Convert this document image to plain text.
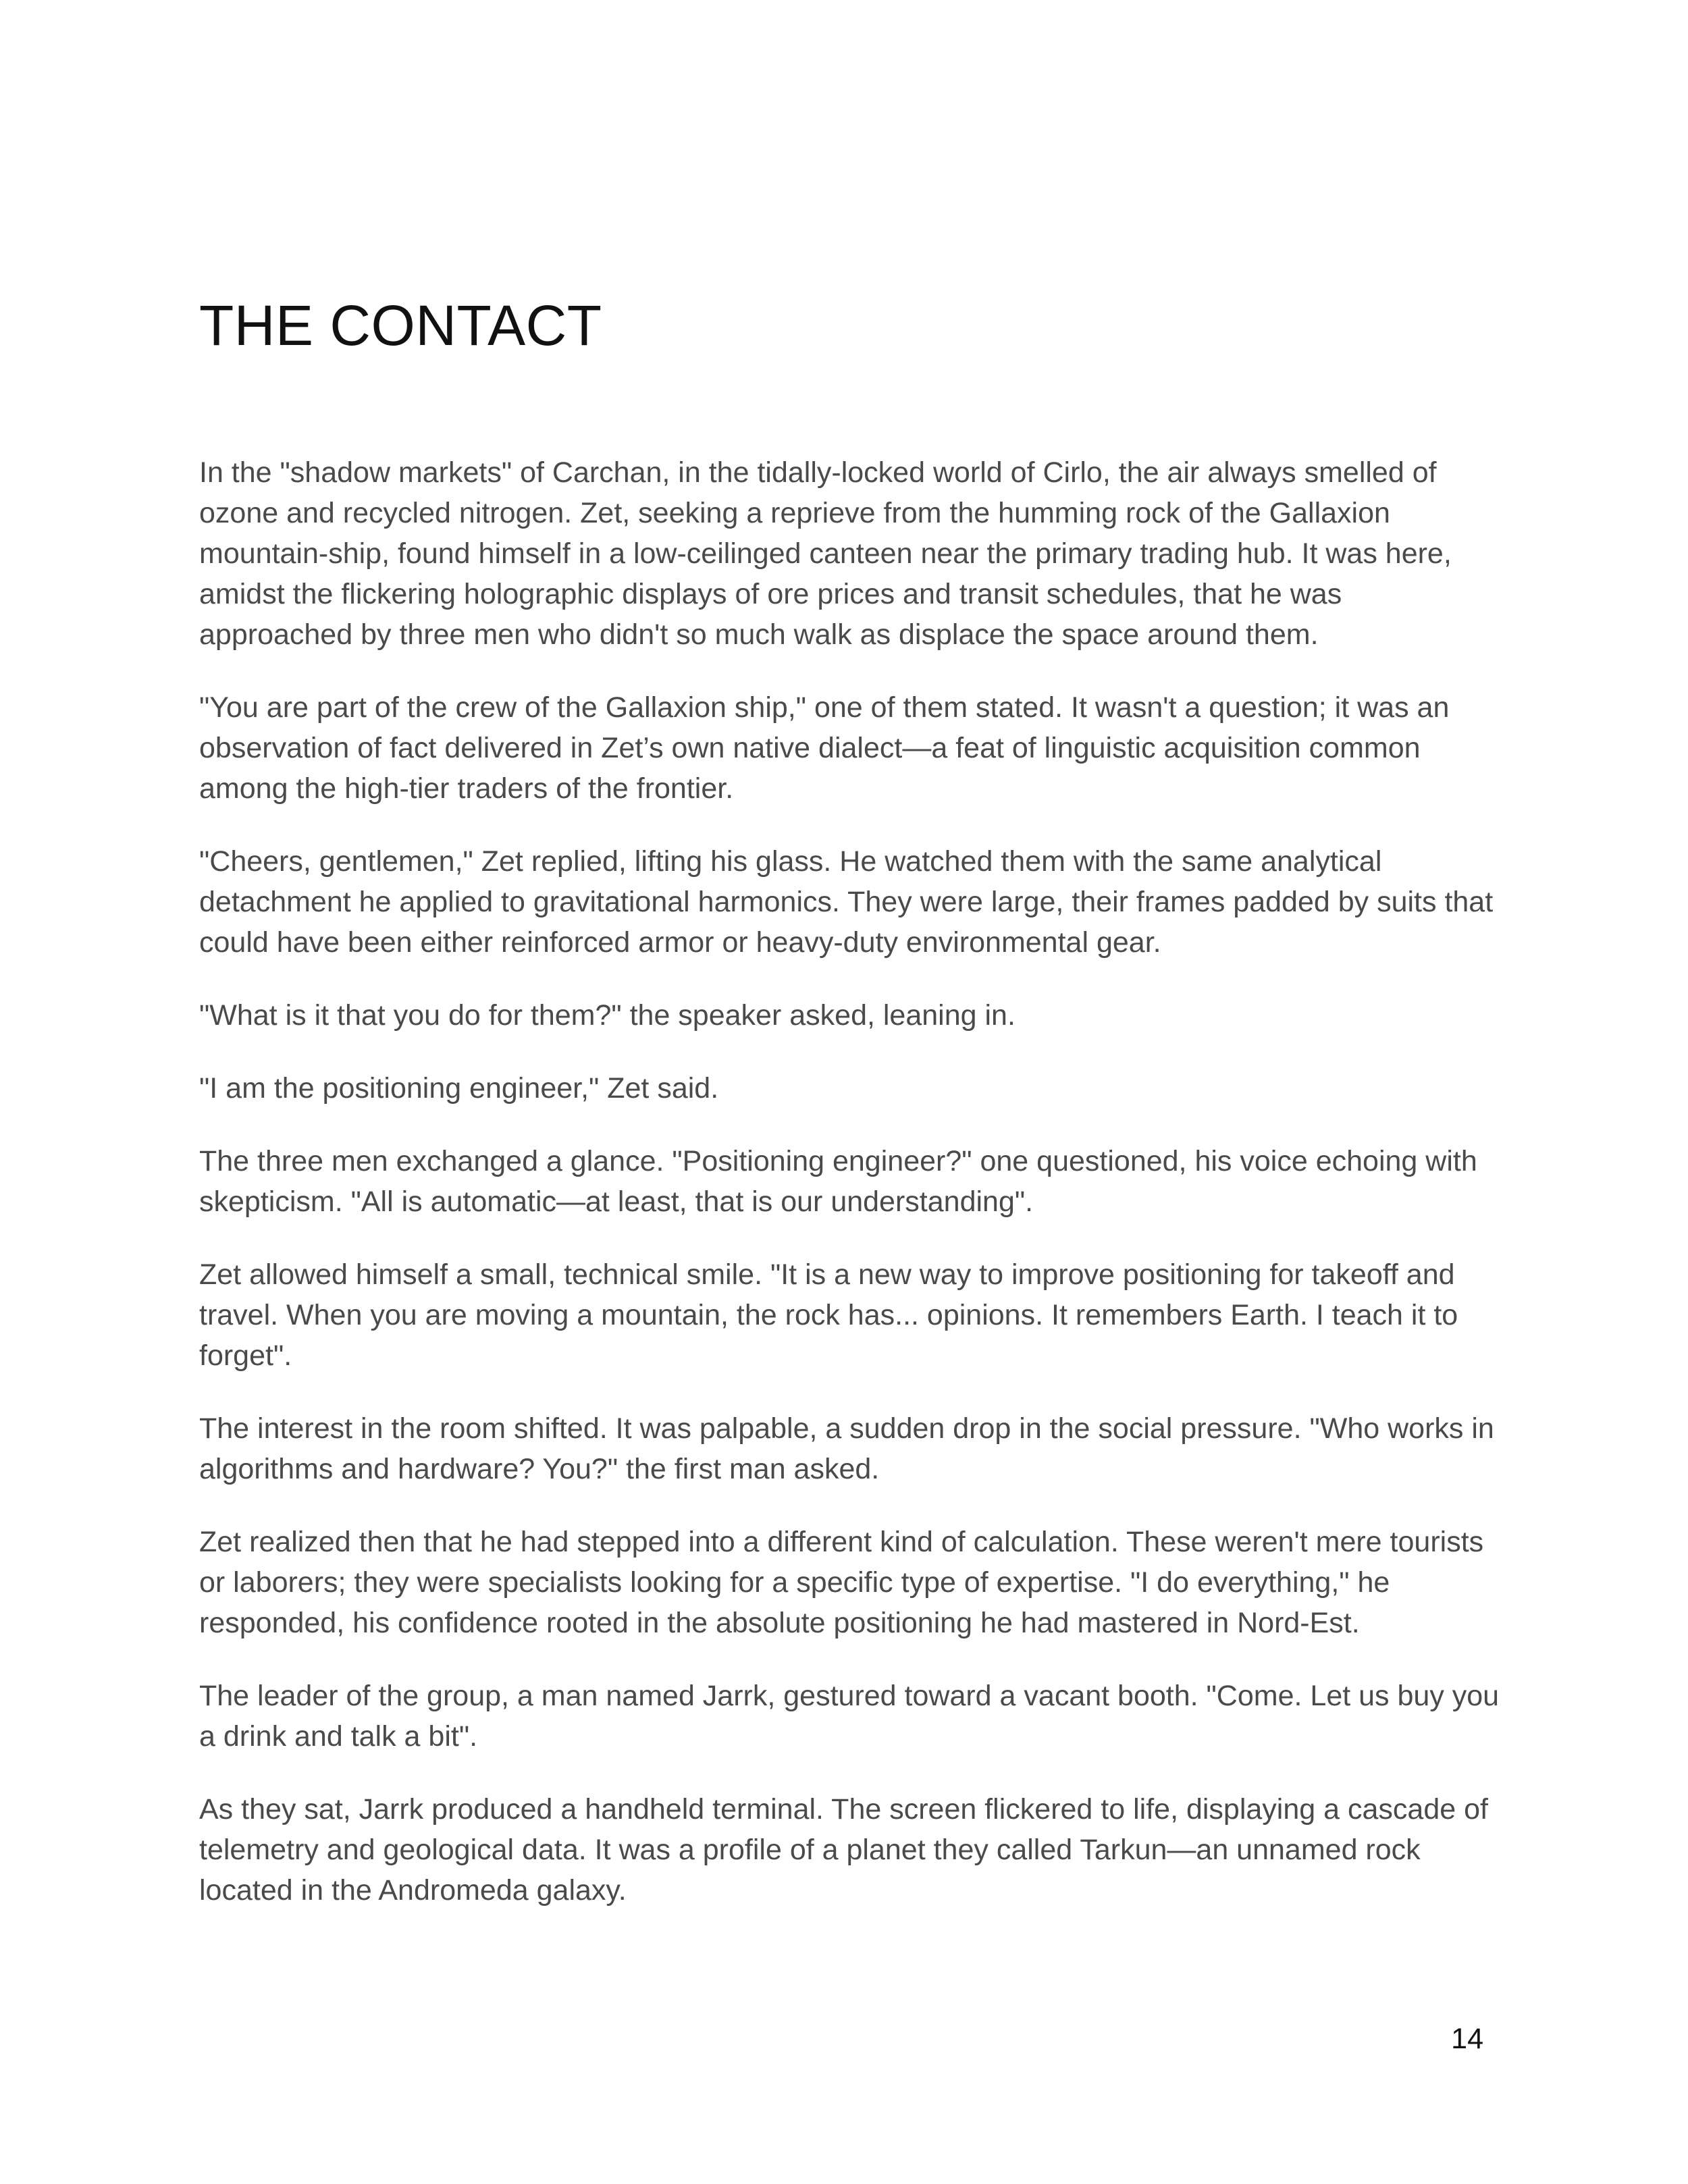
THE CONTACT

In the "shadow markets" of Carchan, in the tidally-locked world of Cirlo, the air always smelled of ozone and recycled nitrogen. Zet, seeking a reprieve from the humming rock of the Gallaxion mountain-ship, found himself in a low-ceilinged canteen near the primary trading hub. It was here, amidst the flickering holographic displays of ore prices and transit schedules, that he was approached by three men who didn't so much walk as displace the space around them.

"You are part of the crew of the Gallaxion ship," one of them stated. It wasn't a question; it was an observation of fact delivered in Zet’s own native dialect—a feat of linguistic acquisition common among the high-tier traders of the frontier.

"Cheers, gentlemen," Zet replied, lifting his glass. He watched them with the same analytical detachment he applied to gravitational harmonics. They were large, their frames padded by suits that could have been either reinforced armor or heavy-duty environmental gear.

"What is it that you do for them?" the speaker asked, leaning in.

"I am the positioning engineer," Zet said.

The three men exchanged a glance. "Positioning engineer?" one questioned, his voice echoing with skepticism. "All is automatic—at least, that is our understanding".

Zet allowed himself a small, technical smile. "It is a new way to improve positioning for takeoff and travel. When you are moving a mountain, the rock has... opinions. It remembers Earth. I teach it to forget".

The interest in the room shifted. It was palpable, a sudden drop in the social pressure. "Who works in algorithms and hardware? You?" the first man asked.

Zet realized then that he had stepped into a different kind of calculation. These weren't mere tourists or laborers; they were specialists looking for a specific type of expertise. "I do everything," he responded, his confidence rooted in the absolute positioning he had mastered in Nord-Est.

The leader of the group, a man named Jarrk, gestured toward a vacant booth. "Come. Let us buy you a drink and talk a bit".

As they sat, Jarrk produced a handheld terminal. The screen flickered to life, displaying a cascade of telemetry and geological data. It was a profile of a planet they called Tarkun—an unnamed rock located in the Andromeda galaxy.

14
